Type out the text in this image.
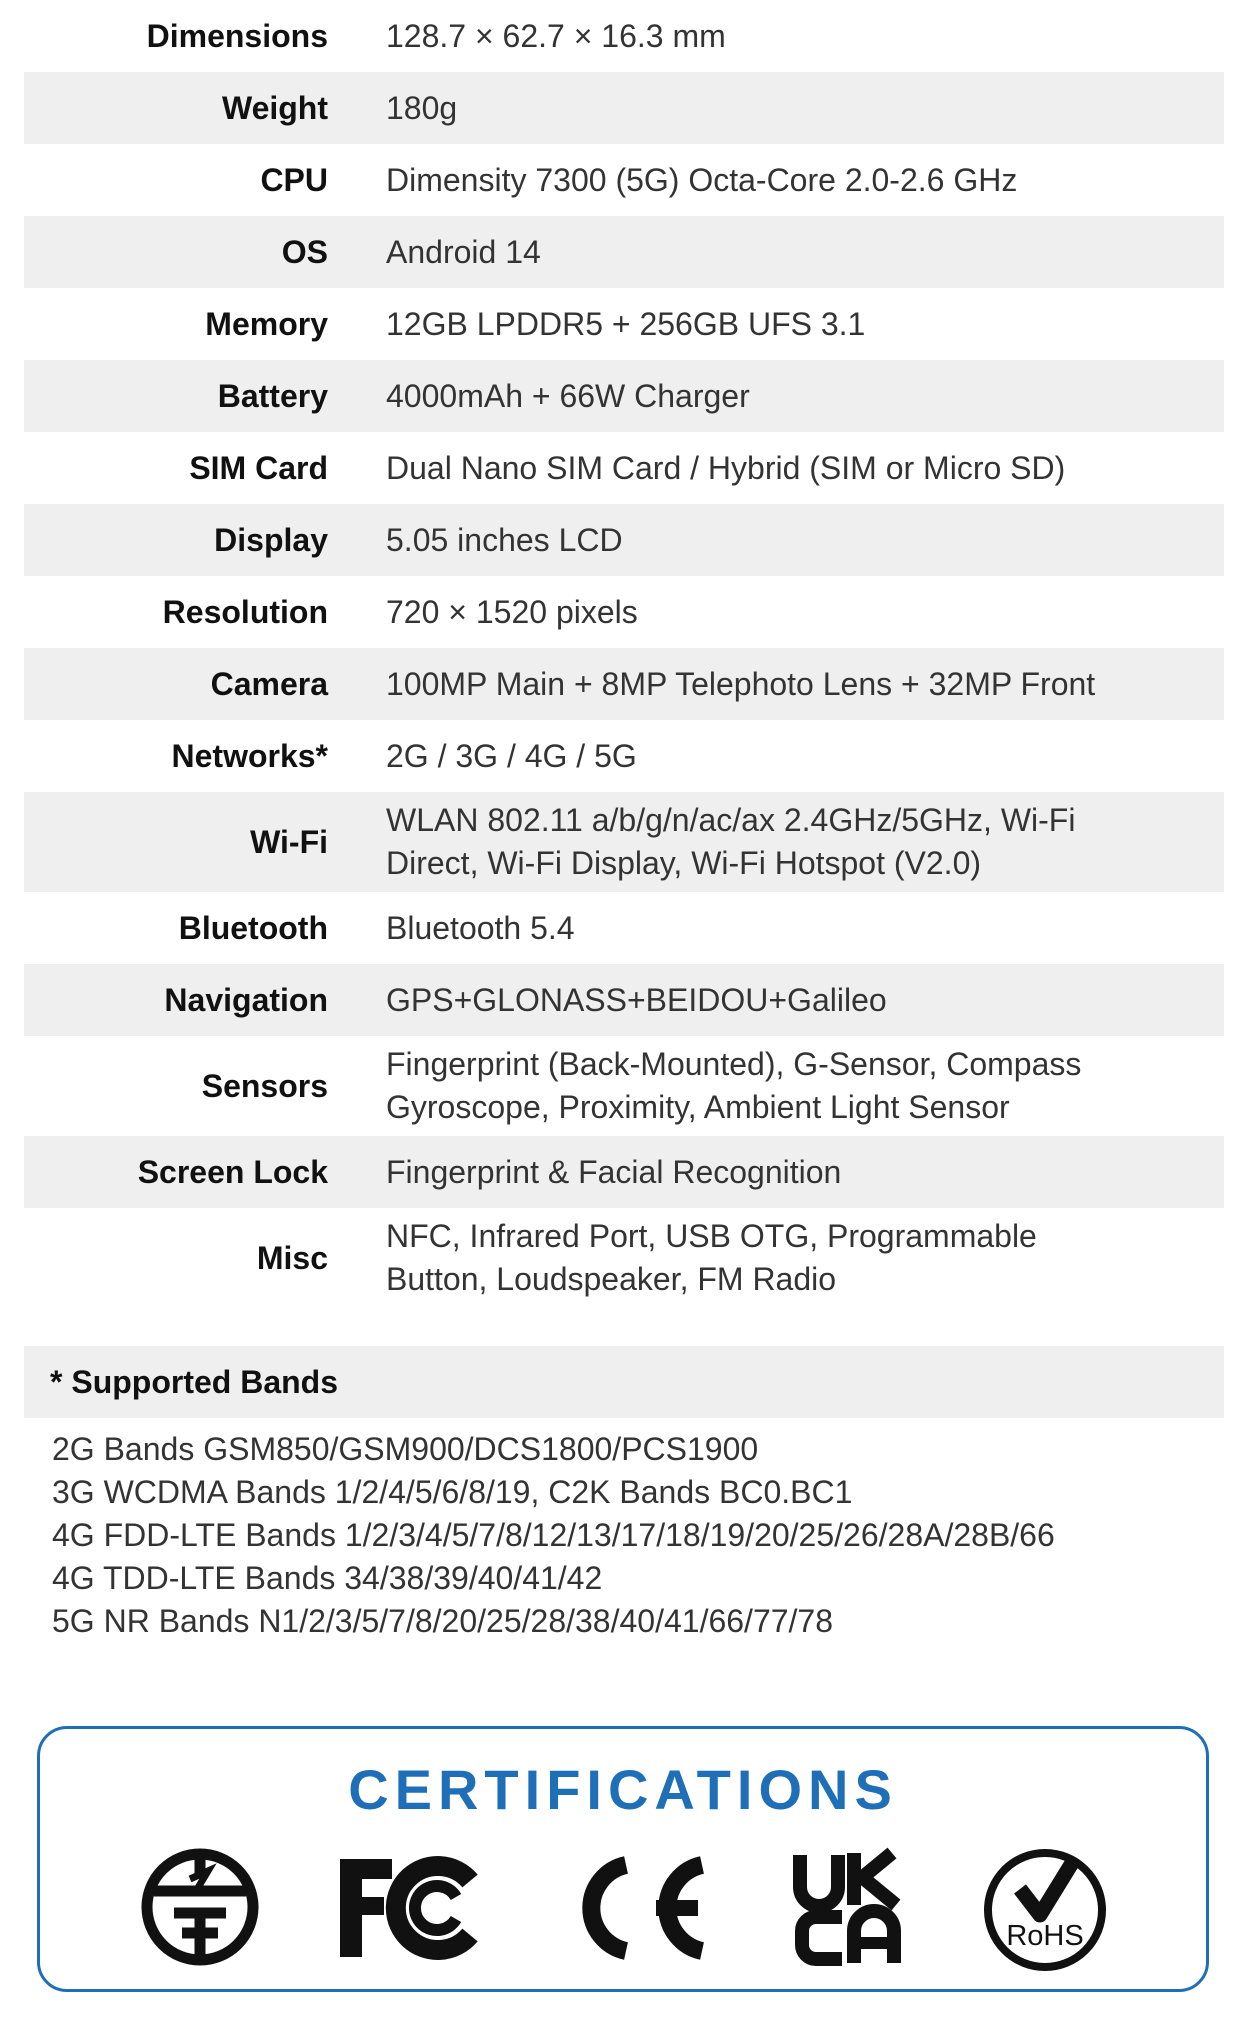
Dimensions 128.7 × 62.7 × 16.3 mm
Weight 180g
CPU Dimensity 7300 (5G) Octa-Core 2.0-2.6 GHz
OS Android 14
Memory 12GB LPDDR5 + 256GB UFS 3.1
Battery 4000mAh + 66W Charger
SIM Card Dual Nano SIM Card / Hybrid (SIM or Micro SD)
Display 5.05 inches LCD
Resolution 720 × 1520 pixels
Camera 100MP Main + 8MP Telephoto Lens + 32MP Front
Networks* 2G / 3G / 4G / 5G
Wi-Fi
WLAN 802.11 a/b/g/n/ac/ax 2.4GHz/5GHz, Wi-Fi
Direct, Wi-Fi Display, Wi-Fi Hotspot (V2.0)
Bluetooth Bluetooth 5.4
Navigation GPS+GLONASS+BEIDOU+Galileo
Sensors
Fingerprint (Back-Mounted), G-Sensor, Compass
Gyroscope, Proximity, Ambient Light Sensor
Screen Lock Fingerprint & Facial Recognition
Misc
NFC, Infrared Port, USB OTG, Programmable
Button, Loudspeaker, FM Radio
* Supported Bands
2G Bands GSM850/GSM900/DCS1800/PCS1900
3G WCDMA Bands 1/2/4/5/6/8/19, C2K Bands BC0.BC1
4G FDD-LTE Bands 1/2/3/4/5/7/8/12/13/17/18/19/20/25/26/28A/28B/66
4G TDD-LTE Bands 34/38/39/40/41/42
5G NR Bands N1/2/3/5/7/8/20/25/28/38/40/41/66/77/78
CERTIFICATIONS
RoHS
